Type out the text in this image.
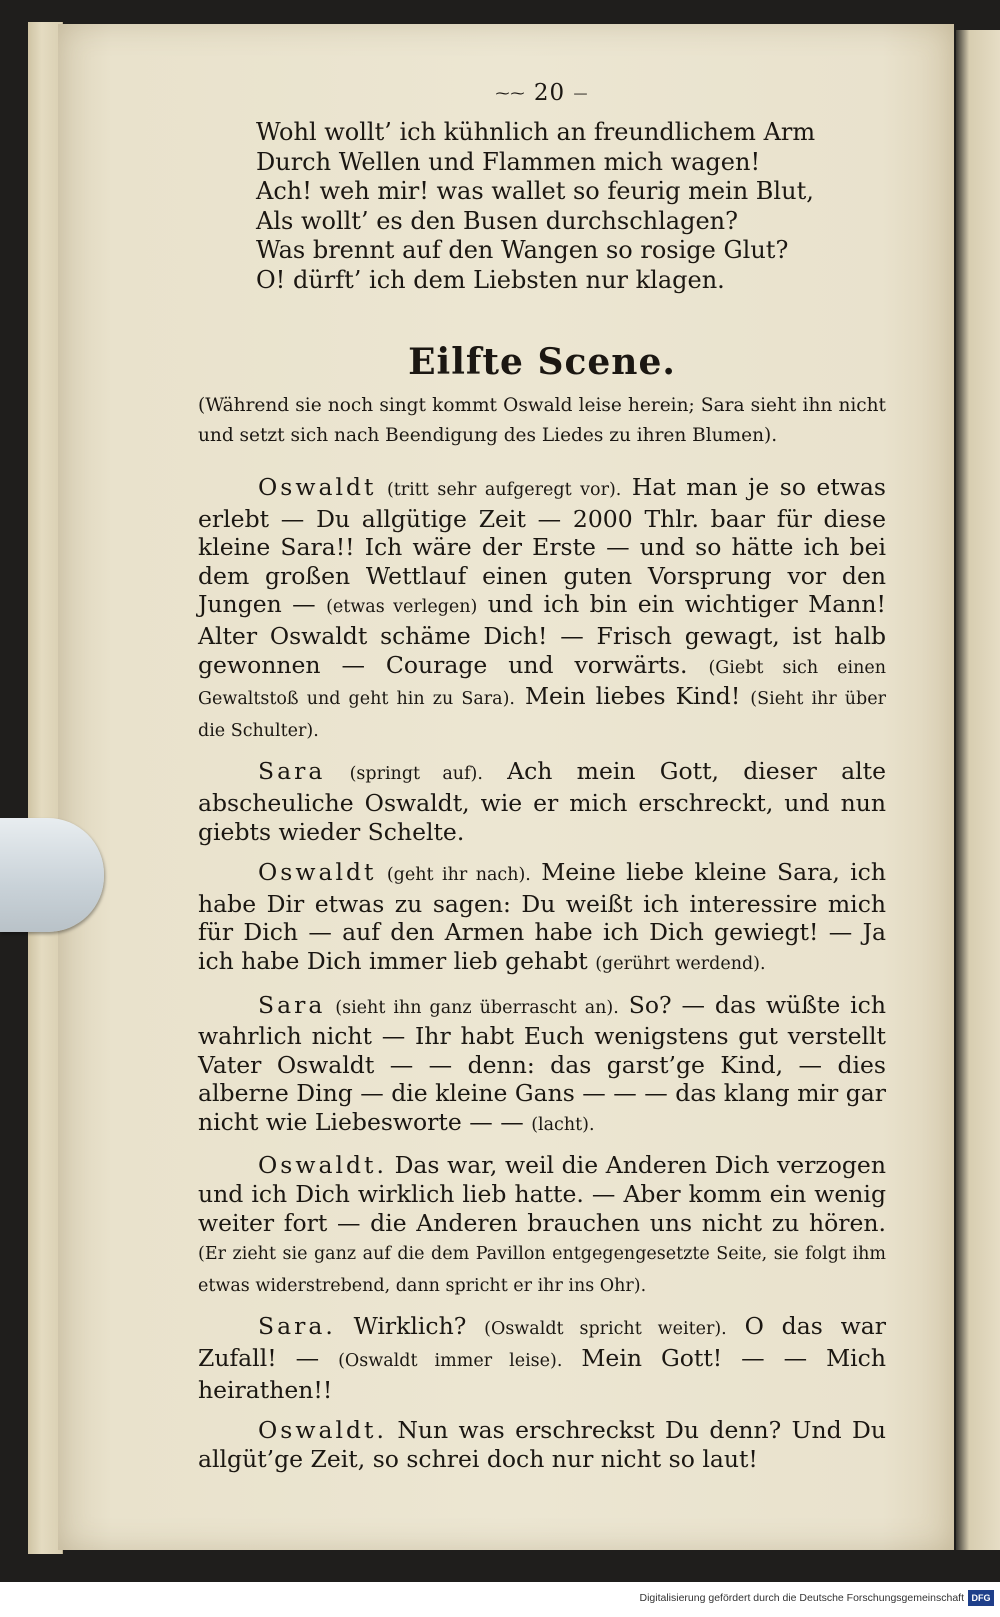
⁓⁓ 20 —
Wohl wollt’ ich kühnlich an freundlichem Arm
Durch Wellen und Flammen mich wagen!
Ach! weh mir! was wallet so feurig mein Blut,
Als wollt’ es den Busen durchschlagen?
Was brennt auf den Wangen so rosige Glut?
O! dürft’ ich dem Liebsten nur klagen.
Eilfte Scene.
(Während sie noch singt kommt Oswald leise herein; Sara sieht ihn nicht und setzt sich nach Beendigung des Liedes zu ihren Blumen).
Oswaldt (tritt sehr aufgeregt vor). Hat man je so etwas erlebt — Du allgütige Zeit — 2000 Thlr. baar für diese kleine Sara!! Ich wäre der Erste — und so hätte ich bei dem großen Wettlauf einen guten Vorsprung vor den Jungen — (etwas verlegen) und ich bin ein wichtiger Mann! Alter Oswaldt schäme Dich! — Frisch gewagt, ist halb gewonnen — Courage und vorwärts. (Giebt sich einen Gewaltstoß und geht hin zu Sara). Mein liebes Kind! (Sieht ihr über die Schulter).
Sara (springt auf). Ach mein Gott, dieser alte abscheuliche Oswaldt, wie er mich erschreckt, und nun giebts wieder Schelte.
Oswaldt (geht ihr nach). Meine liebe kleine Sara, ich habe Dir etwas zu sagen: Du weißt ich interessire mich für Dich — auf den Armen habe ich Dich gewiegt! — Ja ich habe Dich immer lieb gehabt (gerührt werdend).
Sara (sieht ihn ganz überrascht an). So? — das wüßte ich wahrlich nicht — Ihr habt Euch wenigstens gut verstellt Vater Oswaldt — — denn: das garst’ge Kind, — dies alberne Ding — die kleine Gans — — — das klang mir gar nicht wie Liebesworte — — (lacht).
Oswaldt. Das war, weil die Anderen Dich verzogen und ich Dich wirklich lieb hatte. — Aber komm ein wenig weiter fort — die Anderen brauchen uns nicht zu hören. (Er zieht sie ganz auf die dem Pavillon entgegengesetzte Seite, sie folgt ihm etwas widerstrebend, dann spricht er ihr ins Ohr).
Sara. Wirklich? (Oswaldt spricht weiter). O das war Zufall! — (Oswaldt immer leise). Mein Gott! — — Mich heirathen!!
Oswaldt. Nun was erschreckst Du denn? Und Du allgüt’ge Zeit, so schrei doch nur nicht so laut!
Digitalisierung gefördert durch die Deutsche Forschungsgemeinschaft DFG
